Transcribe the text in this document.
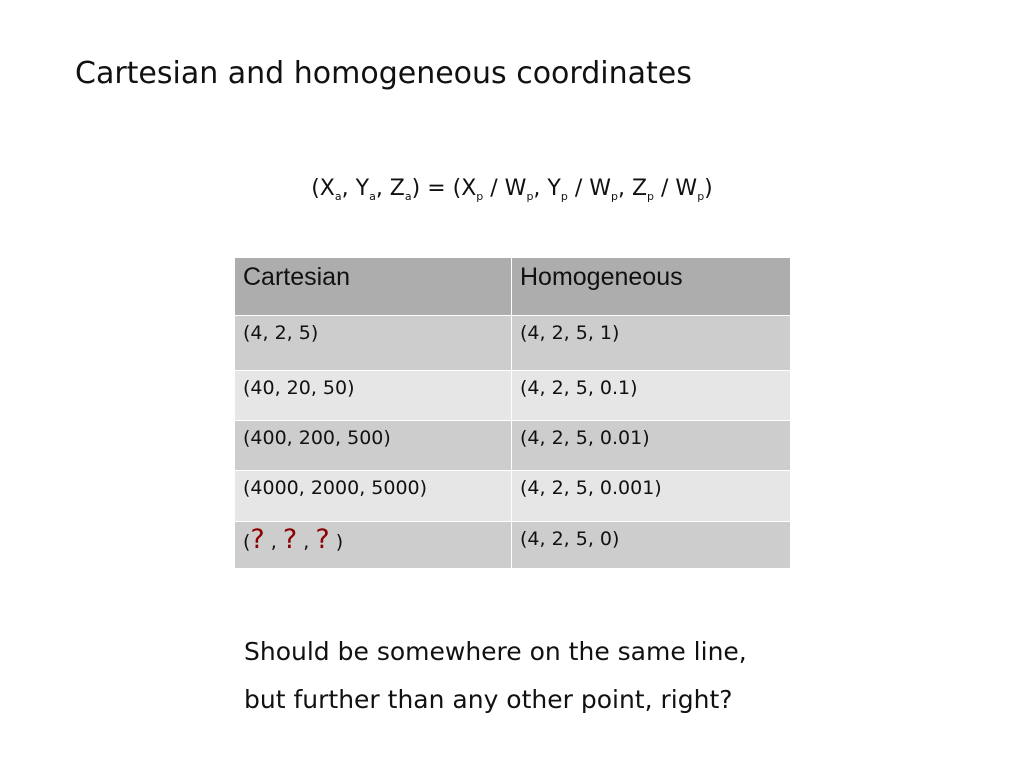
Cartesian and homogeneous coordinates
($X_a$, $Y_a$, $Z_a) = (X_p / W_p$, $Y_p / W_p$, $Z_p / W_p$)
Cartesian	Homogeneous
(4, 2, 5)	(4, 2, 5, 1)
(40, 20, 50)	(4, 2, 5, 0.1)
(400, 200, 500)	(4, 2, 5, 0.01)
(4000, 2000, 5000)	(4, 2, 5, 0.001)
(? , ? , ? )	(4, 2, 5, 0)
Should be somewhere on the same line,
but further than any other point, right?
